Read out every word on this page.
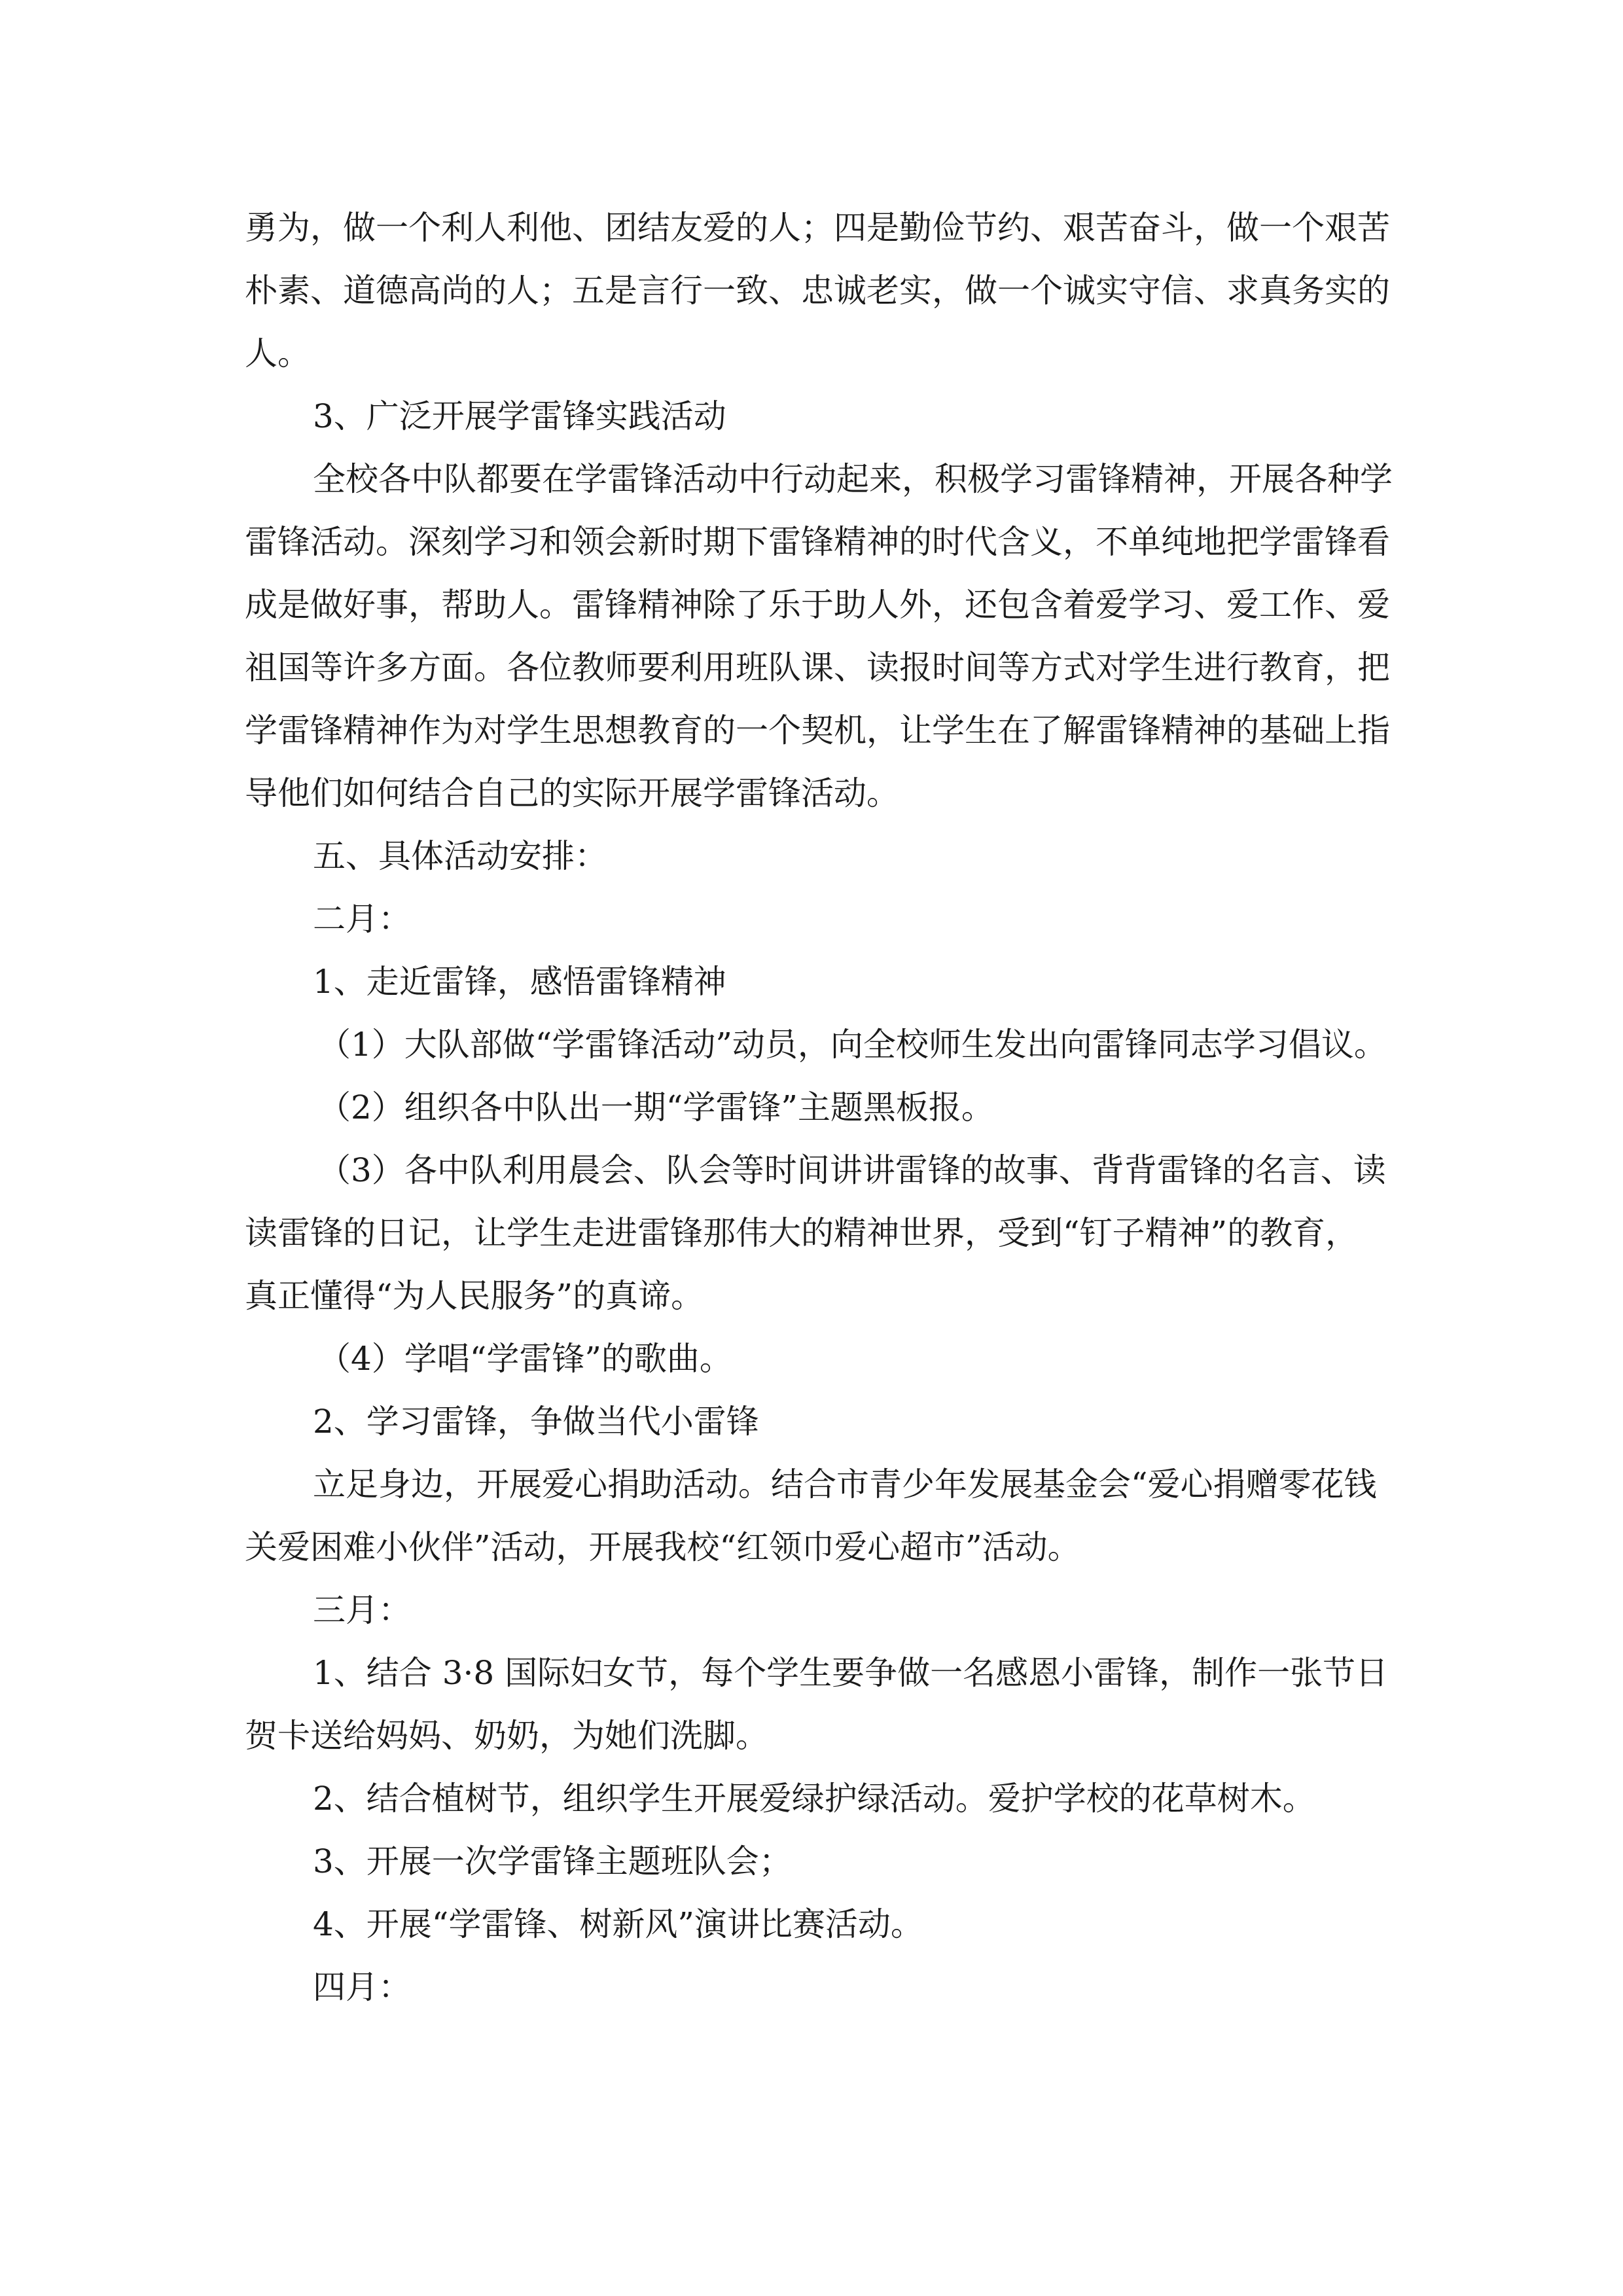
勇为，做一个利人利他、团结友爱的人；四是勤俭节约、艰苦奋斗，做一个艰苦
朴素、道德高尚的人；五是言行一致、忠诚老实，做一个诚实守信、求真务实的
人。
3、广泛开展学雷锋实践活动
全校各中队都要在学雷锋活动中行动起来，积极学习雷锋精神，开展各种学
雷锋活动。深刻学习和领会新时期下雷锋精神的时代含义，不单纯地把学雷锋看
成是做好事，帮助人。雷锋精神除了乐于助人外，还包含着爱学习、爱工作、爱
祖国等许多方面。各位教师要利用班队课、读报时间等方式对学生进行教育，把
学雷锋精神作为对学生思想教育的一个契机，让学生在了解雷锋精神的基础上指
导他们如何结合自己的实际开展学雷锋活动。
五、具体活动安排：
二月：
1、走近雷锋，感悟雷锋精神
（1）大队部做“学雷锋活动”动员，向全校师生发出向雷锋同志学习倡议。
（2）组织各中队出一期“学雷锋”主题黑板报。
（3）各中队利用晨会、队会等时间讲讲雷锋的故事、背背雷锋的名言、读
读雷锋的日记，让学生走进雷锋那伟大的精神世界，受到“钉子精神”的教育，
真正懂得“为人民服务”的真谛。
（4）学唱“学雷锋”的歌曲。
2、学习雷锋，争做当代小雷锋
立足身边，开展爱心捐助活动。结合市青少年发展基金会“爱心捐赠零花钱
关爱困难小伙伴”活动，开展我校“红领巾爱心超市”活动。
三月：
1、结合 3·8 国际妇女节，每个学生要争做一名感恩小雷锋，制作一张节日
贺卡送给妈妈、奶奶，为她们洗脚。
2、结合植树节，组织学生开展爱绿护绿活动。爱护学校的花草树木。
3、开展一次学雷锋主题班队会；
4、开展“学雷锋、树新风”演讲比赛活动。
四月：
